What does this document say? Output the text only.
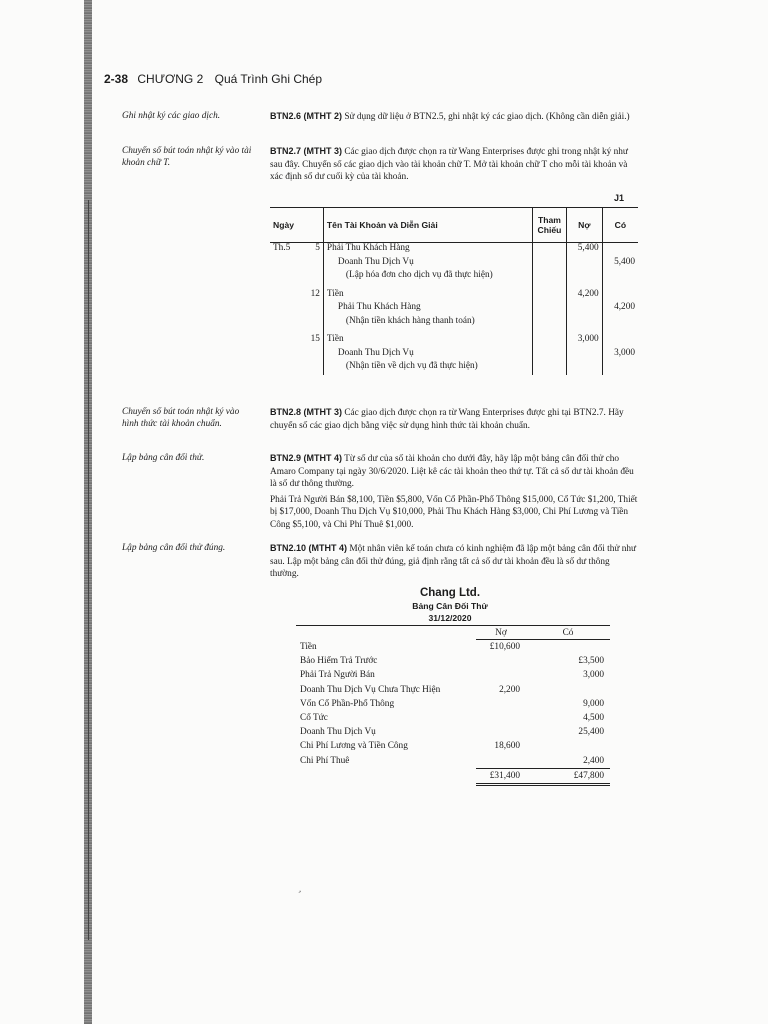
2-38 CHƯƠNG 2 Quá Trình Ghi Chép
Ghi nhật ký các giao dịch.	BTN2.6 (MTHT 2) Sử dụng dữ liệu ở BTN2.5, ghi nhật ký các giao dịch. (Không cần diễn giải.)

Chuyển số bút toán nhật ký vào tài khoản chữ T.

BTN2.7 (MTHT 3) Các giao dịch được chọn ra từ Wang Enterprises được ghi trong nhật ký như sau đây. Chuyển số các giao dịch vào tài khoản chữ T. Mở tài khoản chữ T cho mỗi tài khoản và xác định số dư cuối kỳ của tài khoản.

J1
Ngày		Tên Tài Khoản và Diễn Giải	Tham Chiếu	Nợ	Có
Th.5	5	Phải Thu Khách Hàng		5,400	
		Doanh Thu Dịch Vụ			5,400
		(Lập hóa đơn cho dịch vụ đã thực hiện)			

	12	Tiền		4,200	
		Phải Thu Khách Hàng			4,200
		(Nhận tiền khách hàng thanh toán)			

	15	Tiền		3,000	
		Doanh Thu Dịch Vụ			3,000
		(Nhận tiền về dịch vụ đã thực hiện)			
Chuyển số bút toán nhật ký vào hình thức tài khoản chuẩn.

BTN2.8 (MTHT 3) Các giao dịch được chọn ra từ Wang Enterprises được ghi tại BTN2.7. Hãy chuyển số các giao dịch bằng việc sử dụng hình thức tài khoản chuẩn.

Lập bảng cân đối thử.	BTN2.9 (MTHT 4) Từ số dư của số tài khoản cho dưới đây, hãy lập một bảng cân đối thử cho Amaro Company tại ngày 30/6/2020. Liệt kê các tài khoản theo thứ tự. Tất cả số dư tài khoản đều là số dư thông thường.

Phải Trả Người Bán $8,100, Tiền $5,800, Vốn Cổ Phần-Phổ Thông $15,000, Cổ Tức $1,200, Thiết bị $17,000, Doanh Thu Dịch Vụ $10,000, Phải Thu Khách Hàng $3,000, Chi Phí Lương và Tiền Công $5,100, và Chi Phí Thuê $1,000.

Lập bảng cân đối thử đúng.	BTN2.10 (MTHT 4) Một nhân viên kế toán chưa có kinh nghiệm đã lập một bảng cân đối thử như sau. Lập một bảng cân đối thử đúng, giả định rằng tất cả số dư tài khoản đều là số dư thông thường.

Chang Ltd.
Bảng Cân Đối Thử
31/12/2020
	Nợ	Có
Tiền	£10,600	
Bảo Hiểm Trả Trước		£3,500
Phải Trả Người Bán		3,000
Doanh Thu Dịch Vụ Chưa Thực Hiện	2,200	
Vốn Cổ Phần-Phổ Thông		9,000
Cổ Tức		4,500
Doanh Thu Dịch Vụ		25,400
Chi Phí Lương và Tiền Công	18,600	
Chi Phí Thuê		2,400
	£31,400	£47,800
,
